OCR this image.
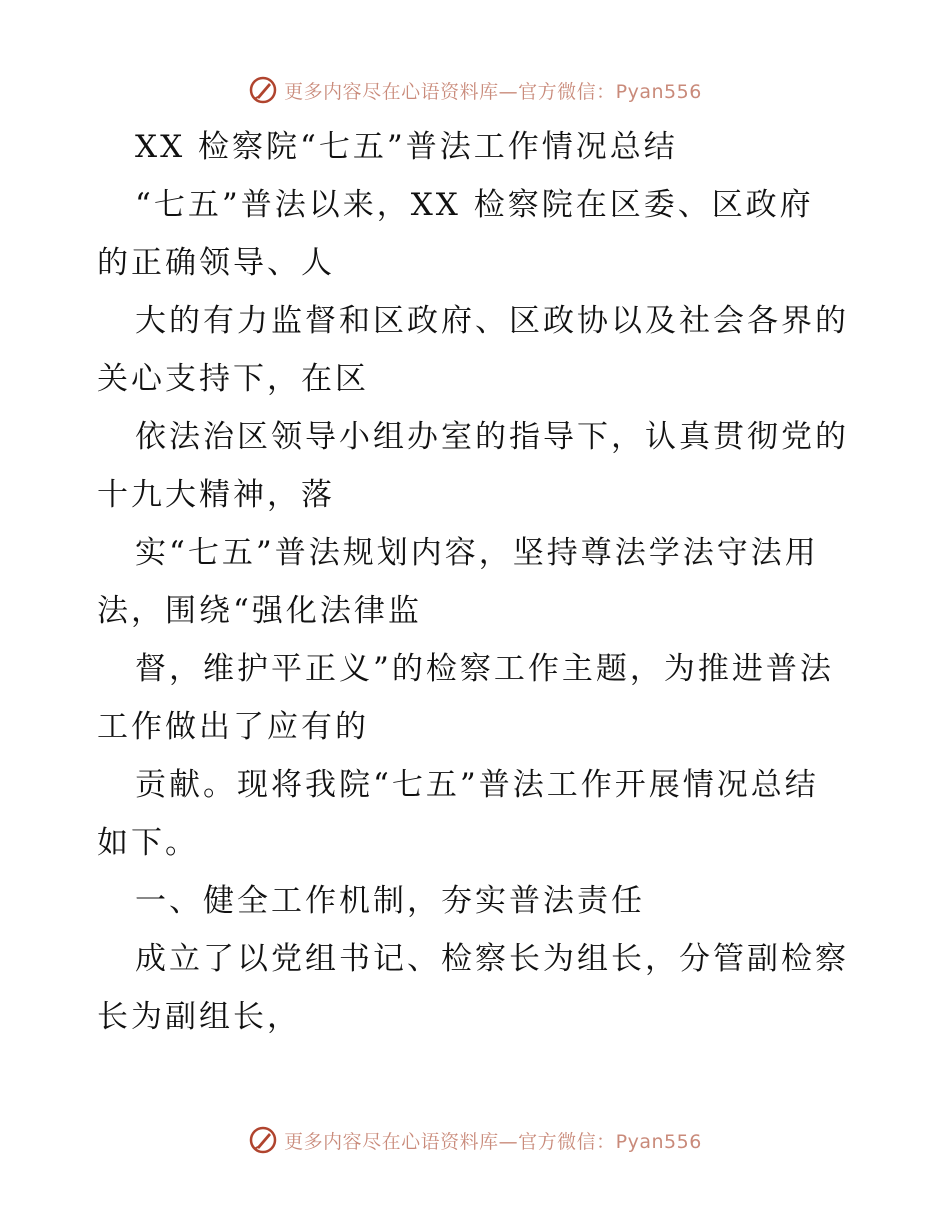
更多内容尽在心语资料库—官方微信：Pyan556
XX 检察院“七五”普法工作情况总结
“七五”普法以来，XX 检察院在区委、区政府
的正确领导、人
大的有力监督和区政府、区政协以及社会各界的
关心支持下，在区
依法治区领导小组办室的指导下，认真贯彻党的
十九大精神，落
实“七五”普法规划内容，坚持尊法学法守法用
法，围绕“强化法律监
督，维护平正义”的检察工作主题，为推进普法
工作做出了应有的
贡献。现将我院“七五”普法工作开展情况总结
如下。
一、健全工作机制，夯实普法责任
成立了以党组书记、检察长为组长，分管副检察
长为副组长，
更多内容尽在心语资料库—官方微信：Pyan556
